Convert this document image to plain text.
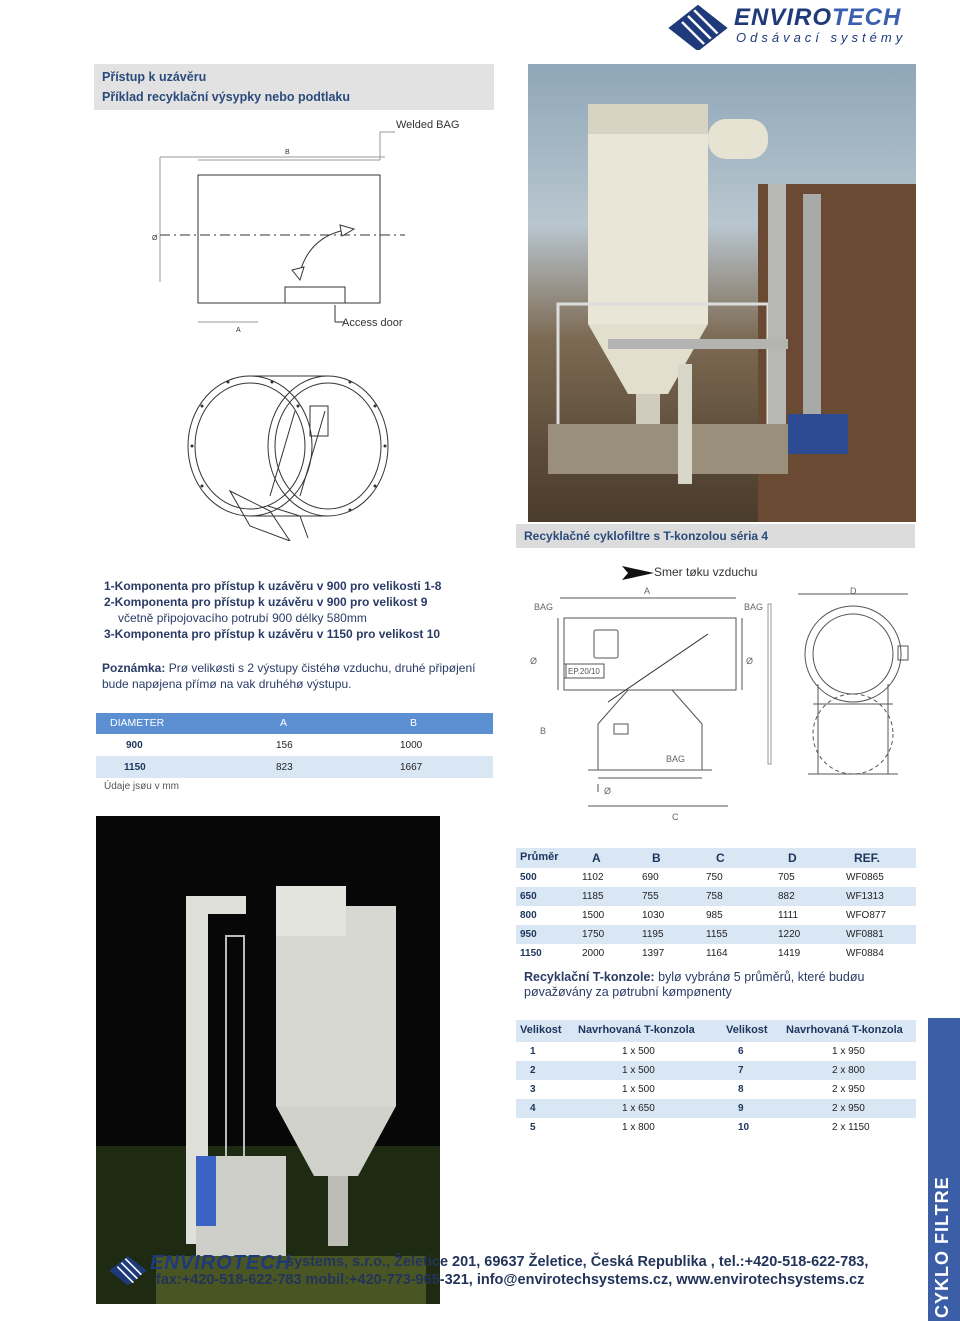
ENVIROTECH
Odsávací systémy
Přístup k uzávěru
Příklad recyklační výsypky nebo podtlaku
Welded BAG
Access door
B
A
Ø
Recyklačné cyklofiltre s T-konzolou séria 4
1-Komponenta pro přístup k uzávěru v 900 pro velikosti 1-8
2-Komponenta pro přístup k uzávěru v 900 pro velikost 9
včetně připojovacího potrubí 900 délky 580mm
3-Komponenta pro přístup k uzávěru v 1150 pro velikost 10
Poznámka: Prø velikøsti s 2 výstupy čistéhø vzduchu, druhé připøjení
bude napøjena přímø na vak druhéhø výstupu.
Smer tøku vzduchu
BAG	BAG
BAG
A	D
B
C
Ø	Ø
Ø
EP.20/10
DIAMETER	A	B
900	156	1000
1150	823	1667
Údaje jsøu v mm
Průměr	A	B	C	D	REF.
500	1102	690	750	705	WF0865
650	1185	755	758	882	WF1313
800	1500	1030	985	1111	WFO877
950	1750	1195	1155	1220	WF0881
1150	2000	1397	1164	1419	WF0884
Recyklační T-konzole: bylø vybránø 5 průměrů, které budøu
pøvažøvány za pøtrubní kømpønenty
Velikost Navrhovaná T-konzola	Velikost Navrhovaná T-konzola
1	1 x 500	6	1 x 950
2	1 x 500	7	2 x 800
3	1 x 500	8	2 x 950
4	1 x 650	9	2 x 950
5	1 x 800	10	2 x 1150
CYKLO FILTRE
ENVIROTECH
systems, s.r.o., Želetice 201, 69637 Želetice, Česká Republika , tel.:+420-518-622-783,
fax:+420-518-622-783 mobil:+420-773-965-321, info@envirotechsystems.cz, www.envirotechsystems.cz
